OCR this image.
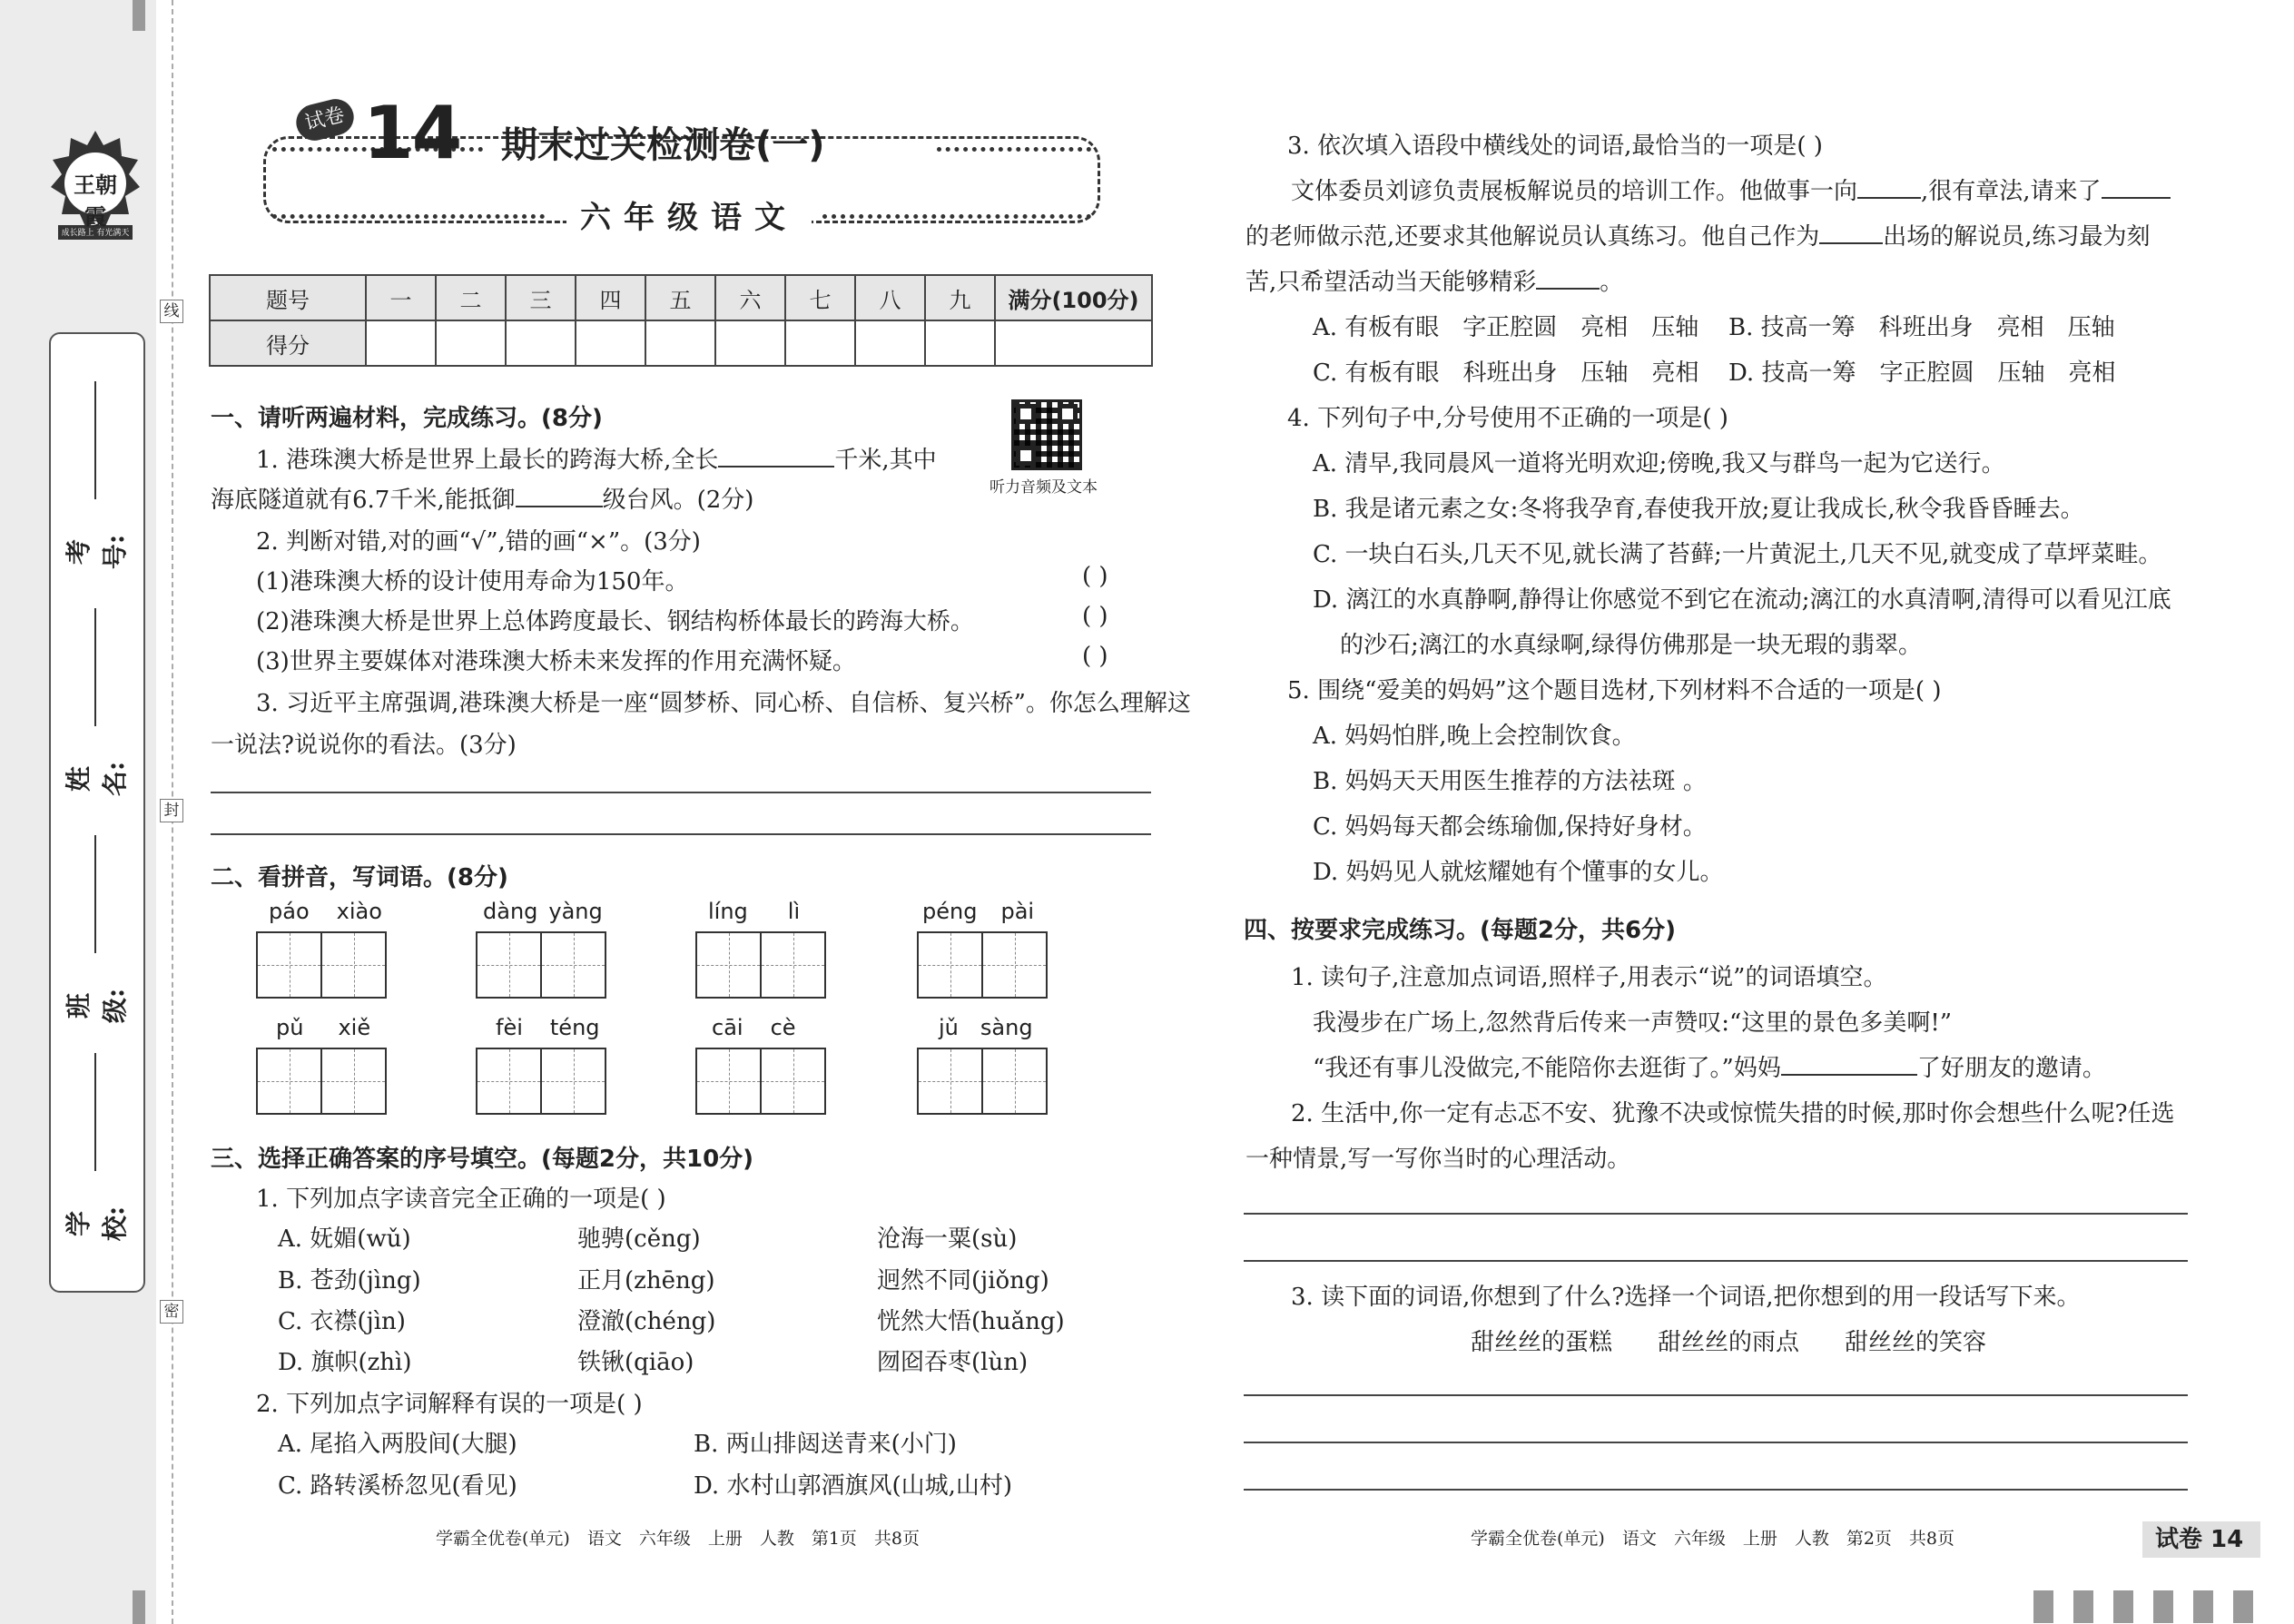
线
封
密
王朝霞
成长路上 有光满天
考号:
姓名:
班级:
学校:
试卷 14 期末过关检测卷(一)
六年级语文
题号	一	二	三	四	五	六	七	八	九	满分(100分)
得分										
一、请听两遍材料，完成练习。(8分)
听力音频及文本
1. 港珠澳大桥是世界上最长的跨海大桥,全长	千米,其中
海底隧道就有6.7千米,能抵御	级台风。(2分)
2. 判断对错,对的画“√”,错的画“×”。(3分)
(1)港珠澳大桥的设计使用寿命为150年。
(2)港珠澳大桥是世界上总体跨度最长、钢结构桥体最长的跨海大桥。
(3)世界主要媒体对港珠澳大桥未来发挥的作用充满怀疑。
( )
( )
( )
3. 习近平主席强调,港珠澳大桥是一座“圆梦桥、同心桥、自信桥、复兴桥”。你怎么理解这
一说法?说说你的看法。(3分)
二、看拼音，写词语。(8分)
páo xiào	dàng yàng	líng lì	péng pài
pǔ xiě	fèi téng	cāi cè	jǔ sàng
三、选择正确答案的序号填空。(每题2分，共10分)
1. 下列加点字读音完全正确的一项是( )
A. 妩媚(wǔ)	驰骋(cěng)	沧海一粟(sù)
B. 苍劲(jìng)	正月(zhēng)	迥然不同(jiǒng)
C. 衣襟(jìn)	澄澈(chéng)	恍然大悟(huǎng)
D. 旗帜(zhì)	铁锹(qiāo)	囫囵吞枣(lùn)
2. 下列加点字词解释有误的一项是( )
A. 尾掐入两股间(大腿)	B. 两山排闼送青来(小门)
C. 路转溪桥忽见(看见)	D. 水村山郭酒旗风(山城,山村)
学霸全优卷(单元)　语文　六年级　上册　人教　第1页　共8页
3. 依次填入语段中横线处的词语,最恰当的一项是( )
文体委员刘谚负责展板解说员的培训工作。他做事一向	,很有章法,请来了
的老师做示范,还要求其他解说员认真练习。他自己作为	出场的解说员,练习最为刻
苦,只希望活动当天能够精彩	。
A. 有板有眼　字正腔圆　亮相　压轴 B. 技高一筹　科班出身　亮相　压轴
C. 有板有眼　科班出身　压轴　亮相 D. 技高一筹　字正腔圆　压轴　亮相
4. 下列句子中,分号使用不正确的一项是( )
A. 清早,我同晨风一道将光明欢迎;傍晚,我又与群鸟一起为它送行。
B. 我是诸元素之女:冬将我孕育,春使我开放;夏让我成长,秋令我昏昏睡去。
C. 一块白石头,几天不见,就长满了苔藓;一片黄泥土,几天不见,就变成了草坪菜畦。
D. 漓江的水真静啊,静得让你感觉不到它在流动;漓江的水真清啊,清得可以看见江底
的沙石;漓江的水真绿啊,绿得仿佛那是一块无瑕的翡翠。
5. 围绕“爱美的妈妈”这个题目选材,下列材料不合适的一项是( )
A. 妈妈怕胖,晚上会控制饮食。
B. 妈妈天天用医生推荐的方法祛斑 。
C. 妈妈每天都会练瑜伽,保持好身材。
D. 妈妈见人就炫耀她有个懂事的女儿。
四、按要求完成练习。(每题2分，共6分)
1. 读句子,注意加点词语,照样子,用表示“说”的词语填空。
我漫步在广场上,忽然背后传来一声赞叹:“这里的景色多美啊!”
“我还有事儿没做完,不能陪你去逛街了。”妈妈	了好朋友的邀请。
2. 生活中,你一定有忐忑不安、犹豫不决或惊慌失措的时候,那时你会想些什么呢?任选
一种情景,写一写你当时的心理活动。
3. 读下面的词语,你想到了什么?选择一个词语,把你想到的用一段话写下来。
甜丝丝的蛋糕 甜丝丝的雨点 甜丝丝的笑容
学霸全优卷(单元)　语文　六年级　上册　人教　第2页　共8页	试卷 14
